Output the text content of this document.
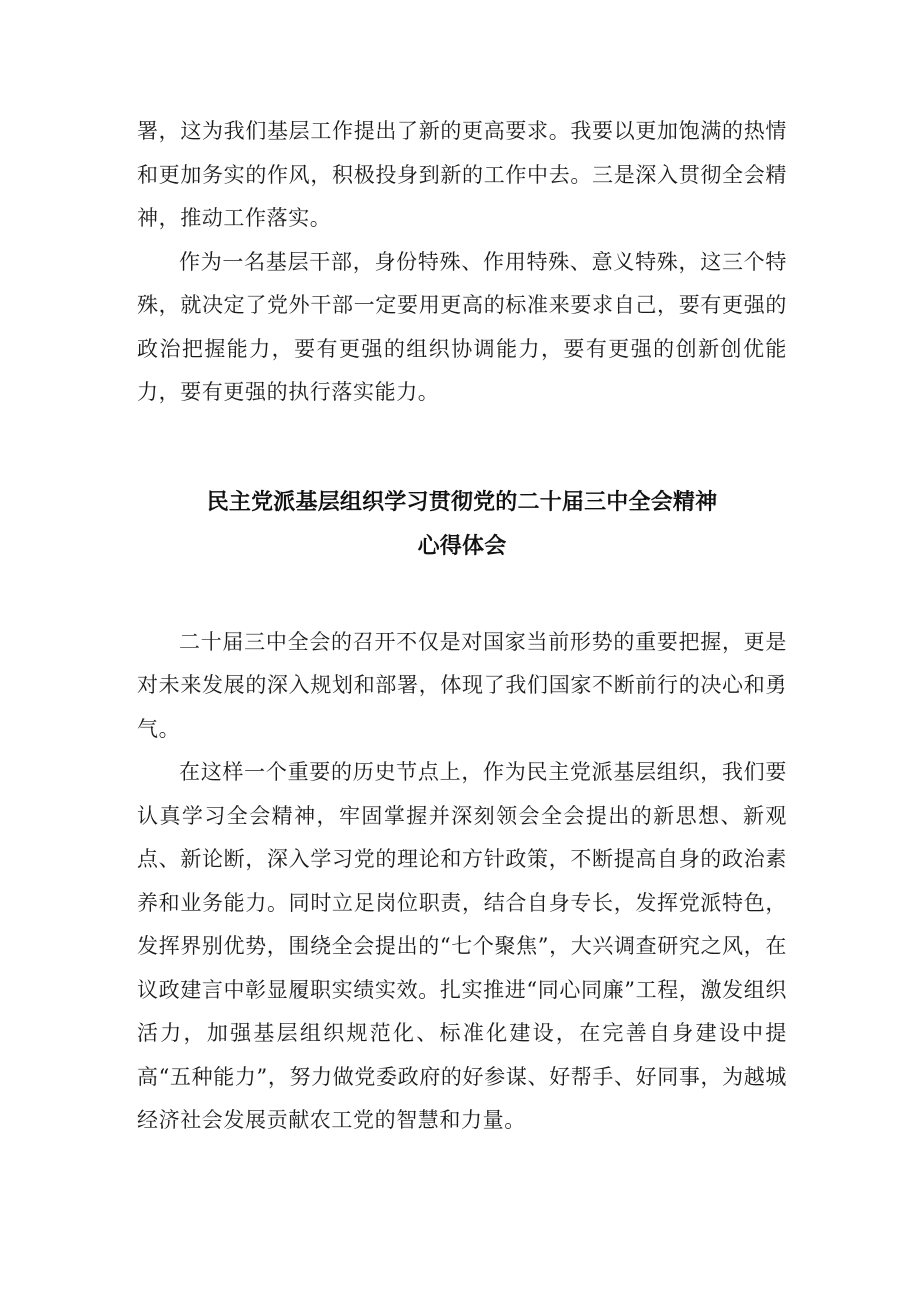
署，这为我们基层工作提出了新的更高要求。我要以更加饱满的热情和更加务实的作风，积极投身到新的工作中去。三是深入贯彻全会精神，推动工作落实。

作为一名基层干部，身份特殊、作用特殊、意义特殊，这三个特殊，就决定了党外干部一定要用更高的标准来要求自己，要有更强的政治把握能力，要有更强的组织协调能力，要有更强的创新创优能力，要有更强的执行落实能力。

民主党派基层组织学习贯彻党的二十届三中全会精神
心得体会

二十届三中全会的召开不仅是对国家当前形势的重要把握，更是对未来发展的深入规划和部署，体现了我们国家不断前行的决心和勇气。

在这样一个重要的历史节点上，作为民主党派基层组织，我们要认真学习全会精神，牢固掌握并深刻领会全会提出的新思想、新观点、新论断，深入学习党的理论和方针政策，不断提高自身的政治素养和业务能力。同时立足岗位职责，结合自身专长，发挥党派特色，发挥界别优势，围绕全会提出的“七个聚焦”，大兴调查研究之风，在议政建言中彰显履职实绩实效。扎实推进“同心同廉”工程，激发组织活力，加强基层组织规范化、标准化建设，在完善自身建设中提高“五种能力”，努力做党委政府的好参谋、好帮手、好同事，为越城经济社会发展贡献农工党的智慧和力量。
